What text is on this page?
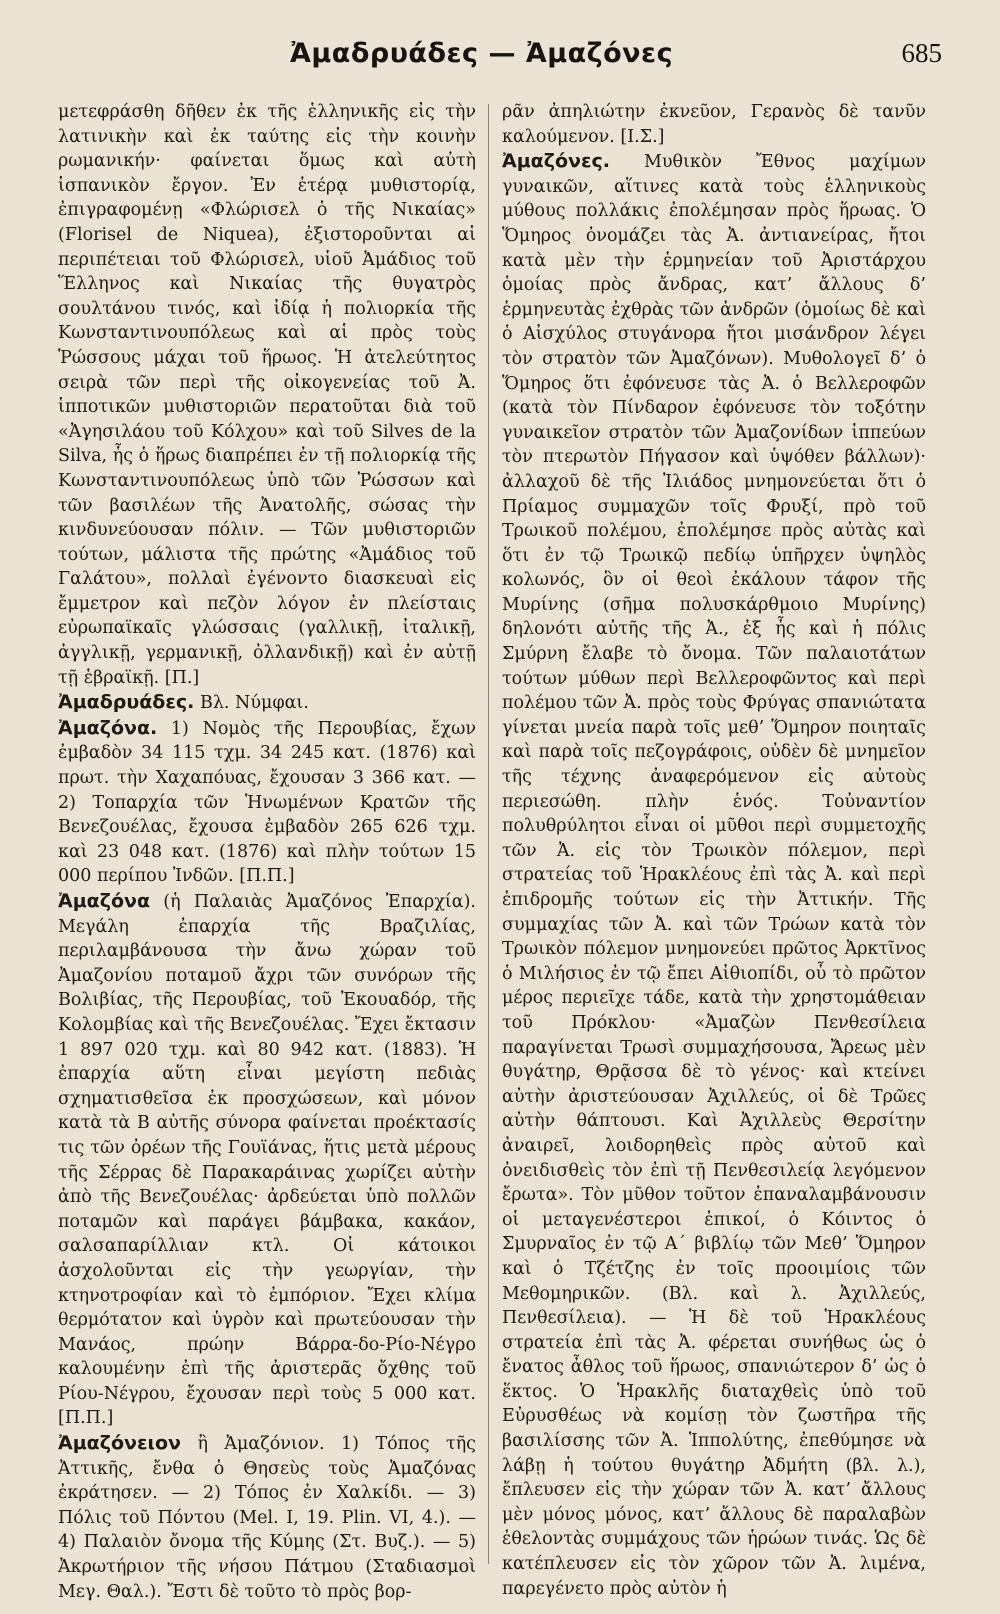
Ἀμαδρυάδες — Ἀμαζόνες	685

μετεφράσθη δῆθεν ἐκ τῆς ἑλληνικῆς εἰς τὴν λατινικὴν καὶ ἐκ ταύτης εἰς τὴν κοινὴν ρωμανικήν· φαίνεται ὅμως καὶ αὐτὴ ἱσπανικὸν ἔργον. Ἐν ἑτέρᾳ μυθιστορίᾳ, ἐπιγραφομένῃ «Φλώρισελ ὁ τῆς Νικαίας» (Florisel de Niquea), ἐξιστοροῦνται αἱ περιπέτειαι τοῦ Φλώρισελ, υἱοῦ Ἀμάδιος τοῦ Ἕλληνος καὶ Νικαίας τῆς θυγατρὸς σουλτάνου τινός, καὶ ἰδίᾳ ἡ πολιορκία τῆς Κωνσταντινουπόλεως καὶ αἱ πρὸς τοὺς Ῥώσσους μάχαι τοῦ ἥρωος. Ἡ ἀτελεύτητος σειρὰ τῶν περὶ τῆς οἰκογενείας τοῦ Ἀ. ἱπποτικῶν μυθιστοριῶν περατοῦται διὰ τοῦ «Ἀγησιλάου τοῦ Κόλχου» καὶ τοῦ Silves de la Silva, ἧς ὁ ἥρως διαπρέπει ἐν τῇ πολιορκίᾳ τῆς Κωνσταντινουπόλεως ὑπὸ τῶν Ῥώσσων καὶ τῶν βασιλέων τῆς Ἀνατολῆς, σώσας τὴν κινδυνεύουσαν πόλιν. — Τῶν μυθιστοριῶν τούτων, μάλιστα τῆς πρώτης «Ἀμάδιος τοῦ Γαλάτου», πολλαὶ ἐγένοντο διασκευαὶ εἰς ἔμμετρον καὶ πεζὸν λόγον ἐν πλείσταις εὐρωπαϊκαῖς γλώσσαις (γαλλικῇ, ἰταλικῇ, ἀγγλικῇ, γερμανικῇ, ὀλλανδικῇ) καὶ ἐν αὐτῇ τῇ ἑβραϊκῇ. [Π.]

Ἀμαδρυάδες. Βλ. Νύμφαι.

Ἀμαζόνα. 1) Νομὸς τῆς Περουβίας, ἔχων ἐμβαδὸν 34 115 τχμ. 34 245 κατ. (1876) καὶ πρωτ. τὴν Χαχαπόυας, ἔχουσαν 3 366 κατ. — 2) Τοπαρχία τῶν Ἡνωμένων Κρατῶν τῆς Βενεζουέλας, ἔχουσα ἐμβαδὸν 265 626 τχμ. καὶ 23 048 κατ. (1876) καὶ πλὴν τούτων 15 000 περίπου Ἰνδῶν. [Π.Π.]

Ἀμαζόνα (ἡ Παλαιὰς Ἀμαζόνος Ἐπαρχία). Μεγάλη ἐπαρχία τῆς Βραζιλίας, περιλαμβάνουσα τὴν ἄνω χώραν τοῦ Ἀμαζονίου ποταμοῦ ἄχρι τῶν συνόρων τῆς Βολιβίας, τῆς Περουβίας, τοῦ Ἐκουαδόρ, τῆς Κολομβίας καὶ τῆς Βενεζουέλας. Ἔχει ἔκτασιν 1 897 020 τχμ. καὶ 80 942 κατ. (1883). Ἡ ἐπαρχία αὕτη εἶναι μεγίστη πεδιὰς σχηματισθεῖσα ἐκ προσχώσεων, καὶ μόνον κατὰ τὰ Β αὐτῆς σύνορα φαίνεται προέκτασίς τις τῶν ὀρέων τῆς Γουϊάνας, ἥτις μετὰ μέρους τῆς Σέρρας δὲ Παρακαράινας χωρίζει αὐτὴν ἀπὸ τῆς Βενεζουέλας· ἀρδεύεται ὑπὸ πολλῶν ποταμῶν καὶ παράγει βάμβακα, κακάον, σαλσαπαρίλλιαν κτλ. Οἱ κάτοικοι ἀσχολοῦνται εἰς τὴν γεωργίαν, τὴν κτηνοτροφίαν καὶ τὸ ἐμπόριον. Ἔχει κλίμα θερμότατον καὶ ὑγρὸν καὶ πρωτεύουσαν τὴν Μανάος, πρώην Βάρρα-δο-Ρίο-Νέγρο καλουμένην ἐπὶ τῆς ἀριστερᾶς ὄχθης τοῦ Ρίου-Νέγρου, ἔχουσαν περὶ τοὺς 5 000 κατ. [Π.Π.]

Ἀμαζόνειον ἢ Ἀμαζόνιον. 1) Τόπος τῆς Ἀττικῆς, ἔνθα ὁ Θησεὺς τοὺς Ἀμαζόνας ἐκράτησεν. — 2) Τόπος ἐν Χαλκίδι. — 3) Πόλις τοῦ Πόντου (Mel. I, 19. Plin. VI, 4.). — 4) Παλαιὸν ὄνομα τῆς Κύμης (Στ. Βυζ.). — 5) Ἀκρωτήριον τῆς νήσου Πάτμου (Σταδιασμοὶ Μεγ. Θαλ.). Ἔστι δὲ τοῦτο τὸ πρὸς βορ-

ρᾶν ἀπηλιώτην ἐκνεῦον, Γερανὸς δὲ τανῦν καλούμενον. [Ι.Σ.]

Ἀμαζόνες. Μυθικὸν Ἔθνος μαχίμων γυναικῶν, αἵτινες κατὰ τοὺς ἑλληνικοὺς μύθους πολλάκις ἐπολέμησαν πρὸς ἥρωας. Ὁ Ὅμηρος ὀνομάζει τὰς Ἀ. ἀντιανείρας, ἤτοι κατὰ μὲν τὴν ἑρμηνείαν τοῦ Ἀριστάρχου ὁμοίας πρὸς ἄνδρας, κατ’ ἄλλους δ’ ἑρμηνευτὰς ἐχθρὰς τῶν ἀνδρῶν (ὁμοίως δὲ καὶ ὁ Αἰσχύλος στυγάνορα ἤτοι μισάνδρον λέγει τὸν στρατὸν τῶν Ἀμαζόνων). Μυθολογεῖ δ’ ὁ Ὅμηρος ὅτι ἐφόνευσε τὰς Ἀ. ὁ Βελλεροφῶν (κατὰ τὸν Πίνδαρον ἐφόνευσε τὸν τοξότην γυναικεῖον στρατὸν τῶν Ἀμαζονίδων ἱππεύων τὸν πτερωτὸν Πήγασον καὶ ὑψόθεν βάλλων)· ἀλλαχοῦ δὲ τῆς Ἰλιάδος μνημονεύεται ὅτι ὁ Πρίαμος συμμαχῶν τοῖς Φρυξί, πρὸ τοῦ Τρωικοῦ πολέμου, ἐπολέμησε πρὸς αὐτὰς καὶ ὅτι ἐν τῷ Τρωικῷ πεδίῳ ὑπῆρχεν ὑψηλὸς κολωνός, ὃν οἱ θεοὶ ἐκάλουν τάφον τῆς Μυρίνης (σῆμα πολυσκάρθμοιο Μυρίνης) δηλονότι αὐτῆς τῆς Ἀ., ἐξ ἧς καὶ ἡ πόλις Σμύρνη ἔλαβε τὸ ὄνομα. Τῶν παλαιοτάτων τούτων μύθων περὶ Βελλεροφῶντος καὶ περὶ πολέμου τῶν Ἀ. πρὸς τοὺς Φρύγας σπανιώτατα γίνεται μνεία παρὰ τοῖς μεθ’ Ὅμηρον ποιηταῖς καὶ παρὰ τοῖς πεζογράφοις, οὐδὲν δὲ μνημεῖον τῆς τέχνης ἀναφερόμενον εἰς αὐτοὺς περιεσώθη. πλὴν ἑνός. Τοὐναντίον πολυθρύλητοι εἶναι οἱ μῦθοι περὶ συμμετοχῆς τῶν Ἀ. εἰς τὸν Τρωικὸν πόλεμον, περὶ στρατείας τοῦ Ἡρακλέους ἐπὶ τὰς Ἀ. καὶ περὶ ἐπιδρομῆς τούτων εἰς τὴν Ἀττικήν. Τῆς συμμαχίας τῶν Ἀ. καὶ τῶν Τρώων κατὰ τὸν Τρωικὸν πόλεμον μνημονεύει πρῶτος Ἀρκτῖνος ὁ Μιλήσιος ἐν τῷ ἔπει Αἰθιοπίδι, οὗ τὸ πρῶτον μέρος περιεῖχε τάδε, κατὰ τὴν χρηστομάθειαν τοῦ Πρόκλου· «Ἀμαζὼν Πενθεσίλεια παραγίνεται Τρωσὶ συμμαχήσουσα, Ἄρεως μὲν θυγάτηρ, Θρᾷσσα δὲ τὸ γένος· καὶ κτείνει αὐτὴν ἀριστεύουσαν Ἀχιλλεύς, οἱ δὲ Τρῶες αὐτὴν θάπτουσι. Καὶ Ἀχιλλεὺς Θερσίτην ἀναιρεῖ, λοιδορηθεὶς πρὸς αὐτοῦ καὶ ὀνειδισθεὶς τὸν ἐπὶ τῇ Πενθεσιλείᾳ λεγόμενον ἔρωτα». Τὸν μῦθον τοῦτον ἐπαναλαμβάνουσιν οἱ μεταγενέστεροι ἐπικοί, ὁ Κόιντος ὁ Σμυρναῖος ἐν τῷ Α΄ βιβλίῳ τῶν Μεθ’ Ὅμηρον καὶ ὁ Τζέτζης ἐν τοῖς προοιμίοις τῶν Μεθομηρικῶν. (Βλ. καὶ λ. Ἀχιλλεύς, Πενθεσίλεια). — Ἡ δὲ τοῦ Ἡρακλέους στρατεία ἐπὶ τὰς Ἀ. φέρεται συνήθως ὡς ὁ ἔνατος ἆθλος τοῦ ἥρωος, σπανιώτερον δ’ ὡς ὁ ἕκτος. Ὁ Ἡρακλῆς διαταχθεὶς ὑπὸ τοῦ Εὐρυσθέως νὰ κομίσῃ τὸν ζωστῆρα τῆς βασιλίσσης τῶν Ἀ. Ἱππολύτης, ἐπεθύμησε νὰ λάβῃ ἡ τούτου θυγάτηρ Ἀδμήτη (βλ. λ.), ἔπλευσεν εἰς τὴν χώραν τῶν Ἀ. κατ’ ἄλλους μὲν μόνος μόνος, κατ’ ἄλλους δὲ παραλαβὼν ἐθελοντὰς συμμάχους τῶν ἡρώων τινάς. Ὡς δὲ κατέπλευσεν εἰς τὸν χῶρον τῶν Ἀ. λιμένα, παρεγένετο πρὸς αὐτὸν ἡ
